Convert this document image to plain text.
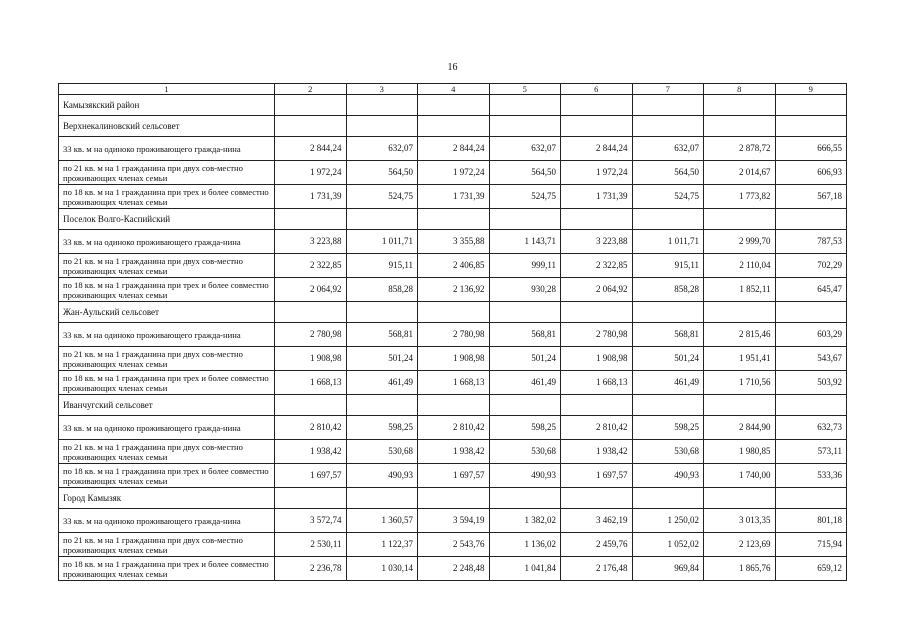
16
1	2	3	4	5	6	7	8	9
Камызякский район								
Верхнекалиновский сельсовет								
33 кв. м на одиноко проживающего гражда-нина	2 844,24	632,07	2 844,24	632,07	2 844,24	632,07	2 878,72	666,55
по 21 кв. м на 1 гражданина при двух сов-местно проживающих членах семьи	1 972,24	564,50	1 972,24	564,50	1 972,24	564,50	2 014,67	606,93
по 18 кв. м на 1 гражданина при трех и более совместно проживающих членах семьи	1 731,39	524,75	1 731,39	524,75	1 731,39	524,75	1 773,82	567,18
Поселок Волго-Каспийский								
33 кв. м на одиноко проживающего гражда-нина	3 223,88	1 011,71	3 355,88	1 143,71	3 223,88	1 011,71	2 999,70	787,53
по 21 кв. м на 1 гражданина при двух сов-местно проживающих членах семьи	2 322,85	915,11	2 406,85	999,11	2 322,85	915,11	2 110,04	702,29
по 18 кв. м на 1 гражданина при трех и более совместно проживающих членах семьи	2 064,92	858,28	2 136,92	930,28	2 064,92	858,28	1 852,11	645,47
Жан-Аульский сельсовет								
33 кв. м на одиноко проживающего гражда-нина	2 780,98	568,81	2 780,98	568,81	2 780,98	568,81	2 815,46	603,29
по 21 кв. м на 1 гражданина при двух сов-местно проживающих членах семьи	1 908,98	501,24	1 908,98	501,24	1 908,98	501,24	1 951,41	543,67
по 18 кв. м на 1 гражданина при трех и более совместно проживающих членах семьи	1 668,13	461,49	1 668,13	461,49	1 668,13	461,49	1 710,56	503,92
Иванчугский сельсовет								
33 кв. м на одиноко проживающего гражда-нина	2 810,42	598,25	2 810,42	598,25	2 810,42	598,25	2 844,90	632,73
по 21 кв. м на 1 гражданина при двух сов-местно проживающих членах семьи	1 938,42	530,68	1 938,42	530,68	1 938,42	530,68	1 980,85	573,11
по 18 кв. м на 1 гражданина при трех и более совместно проживающих членах семьи	1 697,57	490,93	1 697,57	490,93	1 697,57	490,93	1 740,00	533,36
Город Камызяк								
33 кв. м на одиноко проживающего гражда-нина	3 572,74	1 360,57	3 594,19	1 382,02	3 462,19	1 250,02	3 013,35	801,18
по 21 кв. м на 1 гражданина при двух сов-местно проживающих членах семьи	2 530,11	1 122,37	2 543,76	1 136,02	2 459,76	1 052,02	2 123,69	715,94
по 18 кв. м на 1 гражданина при трех и более совместно проживающих членах семьи	2 236,78	1 030,14	2 248,48	1 041,84	2 176,48	969,84	1 865,76	659,12
